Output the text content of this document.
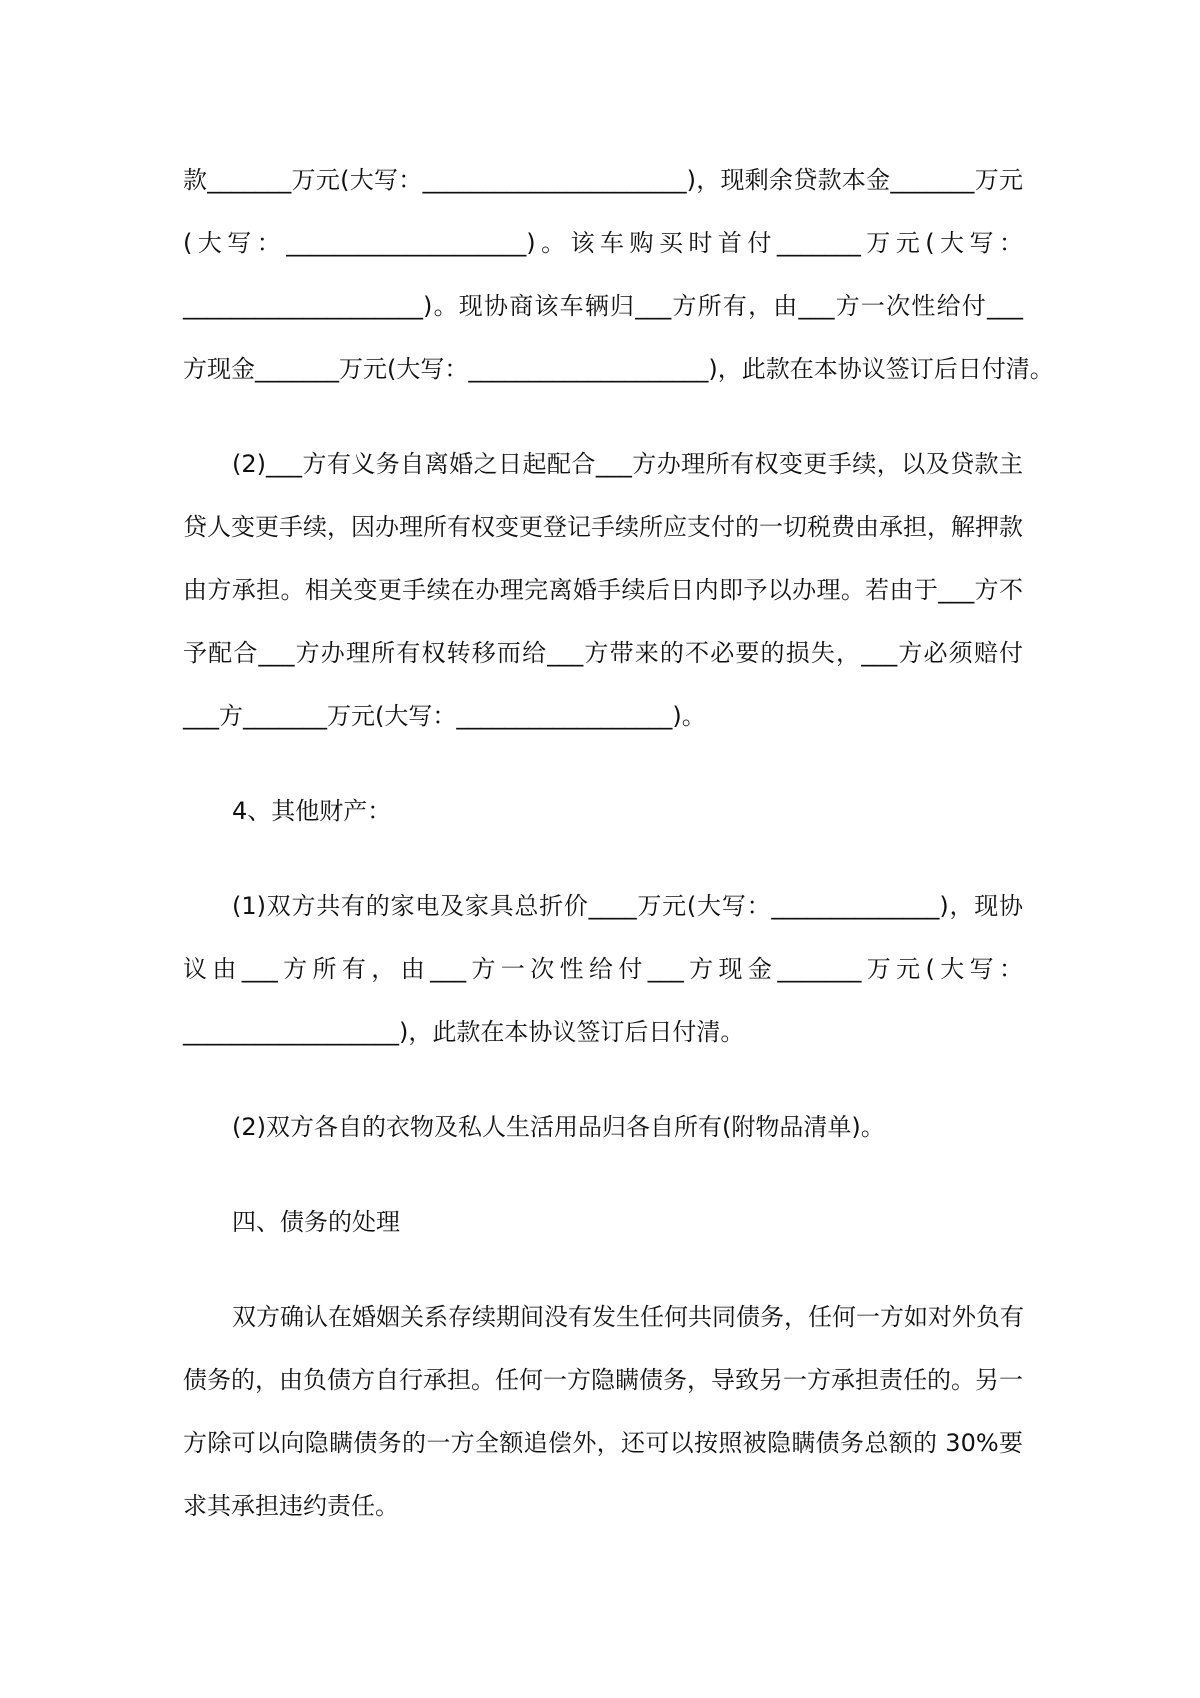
款_______万元(大写：______________________)，现剩余贷款本金_______万元
(大写：____________________)。该车购买时首付_______万元(大写：
____________________)。现协商该车辆归___方所有，由___方一次性给付___
方现金_______万元(大写：____________________)，此款在本协议签订后日付清。
(2)___方有义务自离婚之日起配合___方办理所有权变更手续，以及贷款主
贷人变更手续，因办理所有权变更登记手续所应支付的一切税费由承担，解押款
由方承担。相关变更手续在办理完离婚手续后日内即予以办理。若由于___方不
予配合___方办理所有权转移而给___方带来的不必要的损失，___方必须赔付
___方_______万元(大写：__________________)。
4、其他财产：
(1)双方共有的家电及家具总折价____万元(大写：______________)，现协
议由___方所有，由___方一次性给付___方现金_______万元(大写：
__________________)，此款在本协议签订后日付清。
(2)双方各自的衣物及私人生活用品归各自所有(附物品清单)。
四、债务的处理
双方确认在婚姻关系存续期间没有发生任何共同债务，任何一方如对外负有
债务的，由负债方自行承担。任何一方隐瞒债务，导致另一方承担责任的。另一
方除可以向隐瞒债务的一方全额追偿外，还可以按照被隐瞒债务总额的 30%要
求其承担违约责任。
